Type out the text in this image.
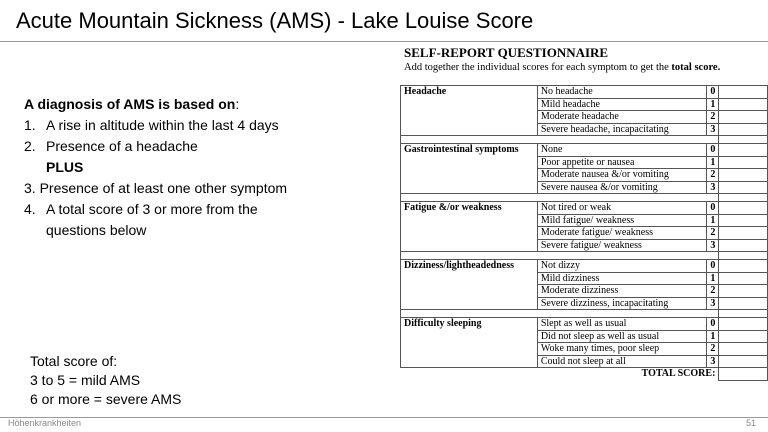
Acute Mountain Sickness (AMS) - Lake Louise Score
A diagnosis of AMS is based on:
1. A rise in altitude within the last 4 days
2. Presence of a headache
PLUS
3. Presence of at least one other symptom
4. A total score of 3 or more from the
questions below
Total score of:
3 to 5 = mild AMS
6 or more = severe AMS
SELF-REPORT QUESTIONNAIRE
Add together the individual scores for each symptom to get the total score.
Headache	No headache	0	
	Mild headache	1	
	Moderate headache	2	
	Severe headache, incapacitating	3	

Gastrointestinal symptoms	None	0	
	Poor appetite or nausea	1	
	Moderate nausea &/or vomiting	2	
	Severe nausea &/or vomiting	3	

Fatigue &/or weakness	Not tired or weak	0	
	Mild fatigue/ weakness	1	
	Moderate fatigue/ weakness	2	
	Severe fatigue/ weakness	3	

Dizziness/lightheadedness	Not dizzy	0	
	Mild dizziness	1	
	Moderate dizziness	2	
	Severe dizziness, incapacitating	3	

Difficulty sleeping	Slept as well as usual	0	
	Did not sleep as well as usual	1	
	Woke many times, poor sleep	2	
	Could not sleep at all	3	
TOTAL SCORE:			
Höhenkrankheiten	51
